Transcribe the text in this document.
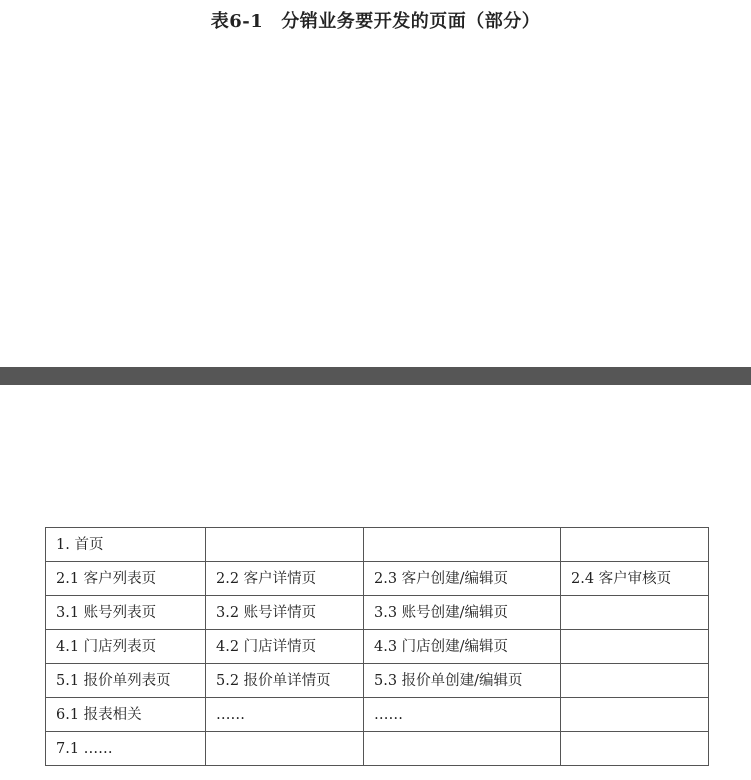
表6-1 分销业务要开发的页面（部分）
1. 首页			
2.1 客户列表页	2.2 客户详情页	2.3 客户创建/编辑页	2.4 客户审核页
3.1 账号列表页	3.2 账号详情页	3.3 账号创建/编辑页	
4.1 门店列表页	4.2 门店详情页	4.3 门店创建/编辑页	
5.1 报价单列表页	5.2 报价单详情页	5.3 报价单创建/编辑页	
6.1 报表相关	……	……	
7.1 ……			
